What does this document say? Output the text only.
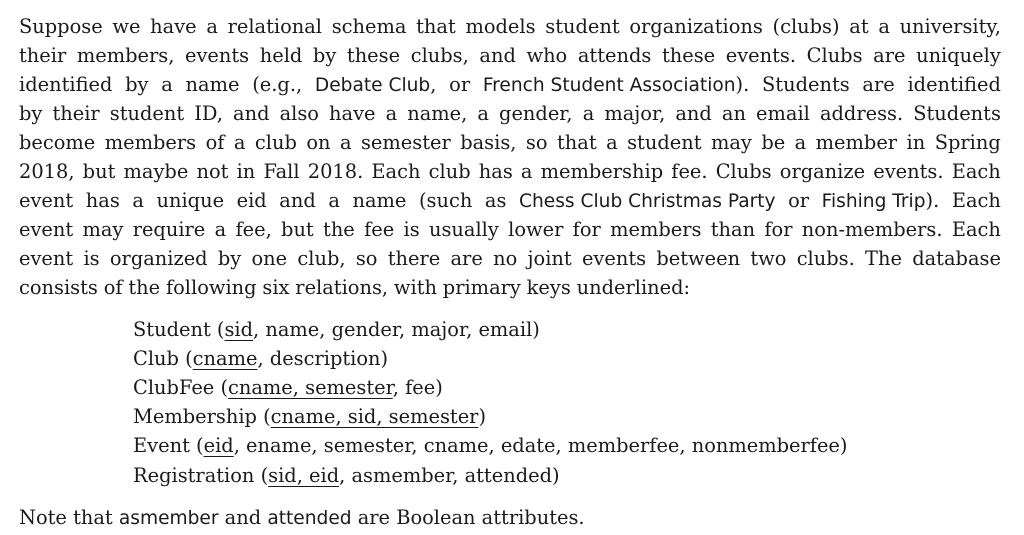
Suppose we have a relational schema that models student organizations (clubs) at a university,
their members, events held by these clubs, and who attends these events. Clubs are uniquely
identified by a name (e.g., Debate Club, or French Student Association). Students are identified
by their student ID, and also have a name, a gender, a major, and an email address. Students
become members of a club on a semester basis, so that a student may be a member in Spring
2018, but maybe not in Fall 2018. Each club has a membership fee. Clubs organize events. Each
event has a unique eid and a name (such as Chess Club Christmas Party or Fishing Trip). Each
event may require a fee, but the fee is usually lower for members than for non-members. Each
event is organized by one club, so there are no joint events between two clubs. The database
consists of the following six relations, with primary keys underlined:
Student (sid, name, gender, major, email)
Club (cname, description)
ClubFee (cname, semester, fee)
Membership (cname, sid, semester)
Event (eid, ename, semester, cname, edate, memberfee, nonmemberfee)
Registration (sid, eid, asmember, attended)
Note that asmember and attended are Boolean attributes.
